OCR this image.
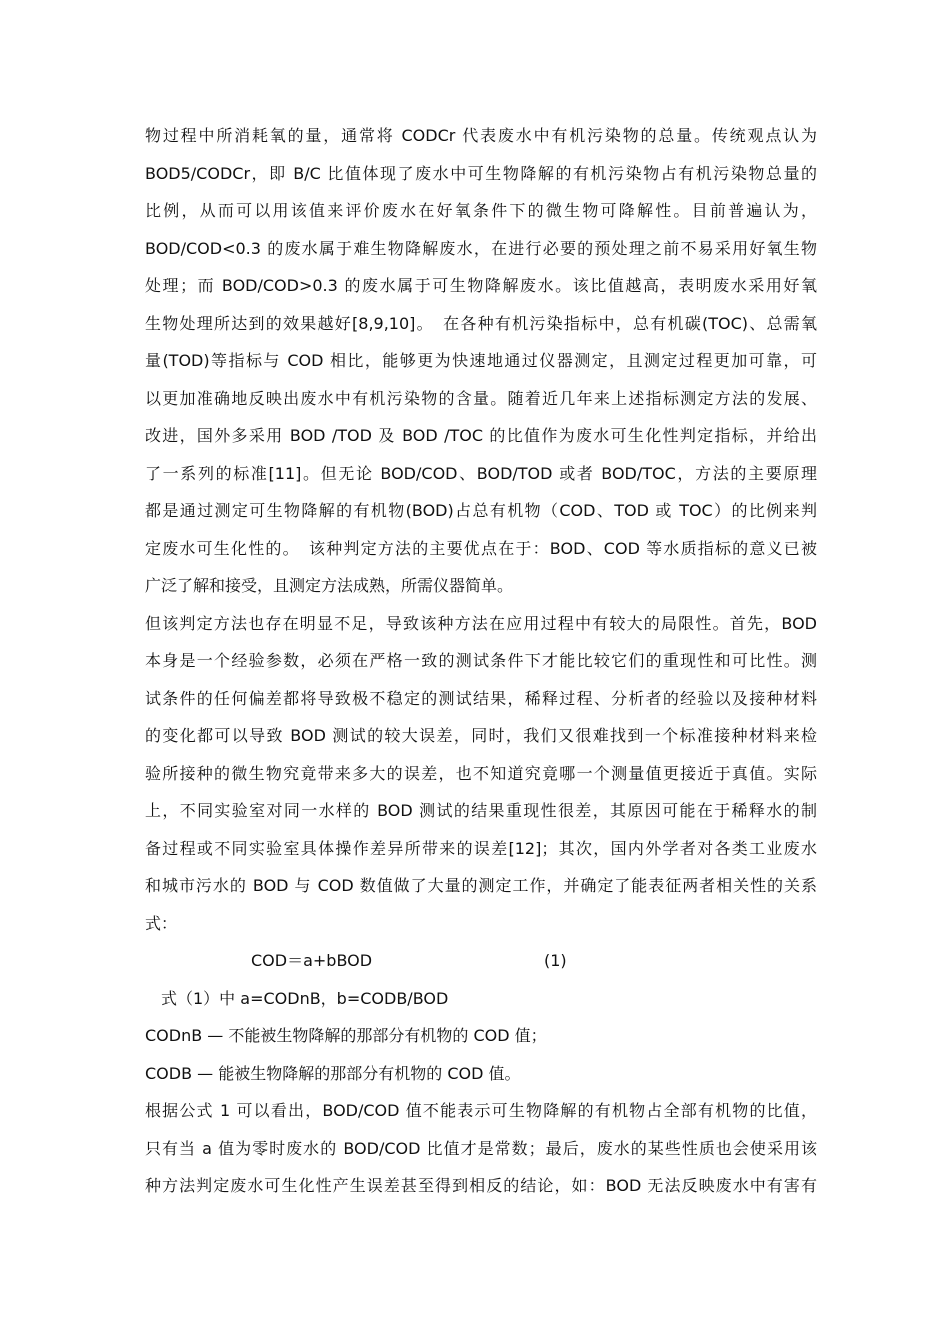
物过程中所消耗氧的量，通常将 CODCr 代表废水中有机污染物的总量。传统观点认为
BOD5/CODCr，即 B/C 比值体现了废水中可生物降解的有机污染物占有机污染物总量的
比例，从而可以用该值来评价废水在好氧条件下的微生物可降解性。目前普遍认为，
BOD/COD<0.3 的废水属于难生物降解废水，在进行必要的预处理之前不易采用好氧生物
处理；而 BOD/COD>0.3 的废水属于可生物降解废水。该比值越高，表明废水采用好氧
生物处理所达到的效果越好[8,9,10]。　在各种有机污染指标中，总有机碳(TOC)、总需氧
量(TOD)等指标与 COD 相比，能够更为快速地通过仪器测定，且测定过程更加可靠，可
以更加准确地反映出废水中有机污染物的含量。随着近几年来上述指标测定方法的发展、
改进，国外多采用 BOD /TOD 及 BOD /TOC 的比值作为废水可生化性判定指标，并给出
了一系列的标准[11]。但无论 BOD/COD、BOD/TOD 或者 BOD/TOC，方法的主要原理
都是通过测定可生物降解的有机物(BOD)占总有机物（COD、TOD 或 TOC）的比例来判
定废水可生化性的。　该种判定方法的主要优点在于：BOD、COD 等水质指标的意义已被
广泛了解和接受，且测定方法成熟，所需仪器简单。
但该判定方法也存在明显不足，导致该种方法在应用过程中有较大的局限性。首先，BOD
本身是一个经验参数，必须在严格一致的测试条件下才能比较它们的重现性和可比性。测
试条件的任何偏差都将导致极不稳定的测试结果，稀释过程、分析者的经验以及接种材料
的变化都可以导致 BOD 测试的较大误差，同时，我们又很难找到一个标准接种材料来检
验所接种的微生物究竟带来多大的误差，也不知道究竟哪一个测量值更接近于真值。实际
上，不同实验室对同一水样的 BOD 测试的结果重现性很差，其原因可能在于稀释水的制
备过程或不同实验室具体操作差异所带来的误差[12]；其次，国内外学者对各类工业废水
和城市污水的 BOD 与 COD 数值做了大量的测定工作，并确定了能表征两者相关性的关系
式：
COD＝a+bBOD	(1)
式（1）中 a=CODnB，b=CODB/BOD
CODnB — 不能被生物降解的那部分有机物的 COD 值；
CODB — 能被生物降解的那部分有机物的 COD 值。
根据公式 1 可以看出，BOD/COD 值不能表示可生物降解的有机物占全部有机物的比值，
只有当 a 值为零时废水的 BOD/COD 比值才是常数；最后，废水的某些性质也会使采用该
种方法判定废水可生化性产生误差甚至得到相反的结论，如：BOD 无法反映废水中有害有
